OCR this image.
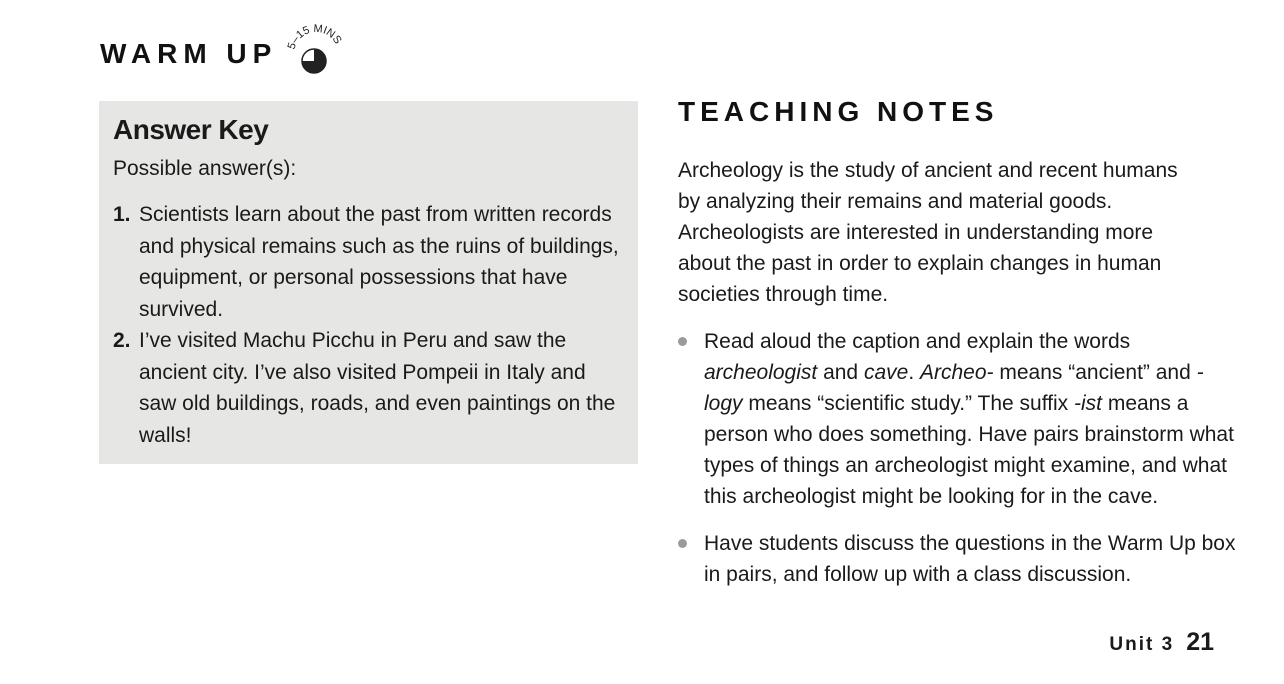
WARM UP 5–15 MINS
Answer Key
Possible answer(s):
1. Scientists learn about the past from written records and physical remains such as the ruins of buildings, equipment, or personal possessions that have survived.
2. I’ve visited Machu Picchu in Peru and saw the ancient city. I’ve also visited Pompeii in Italy and saw old buildings, roads, and even paintings on the walls!
TEACHING NOTES
Archeology is the study of ancient and recent humans by analyzing their remains and material goods. Archeologists are interested in understanding more about the past in order to explain changes in human societies through time.
Read aloud the caption and explain the words archeologist and cave. Archeo- means “ancient” and -logy means “scientific study.” The suffix -ist means a person who does something. Have pairs brainstorm what types of things an archeologist might examine, and what this archeologist might be looking for in the cave.
Have students discuss the questions in the Warm Up box in pairs, and follow up with a class discussion.
Unit 3 21
